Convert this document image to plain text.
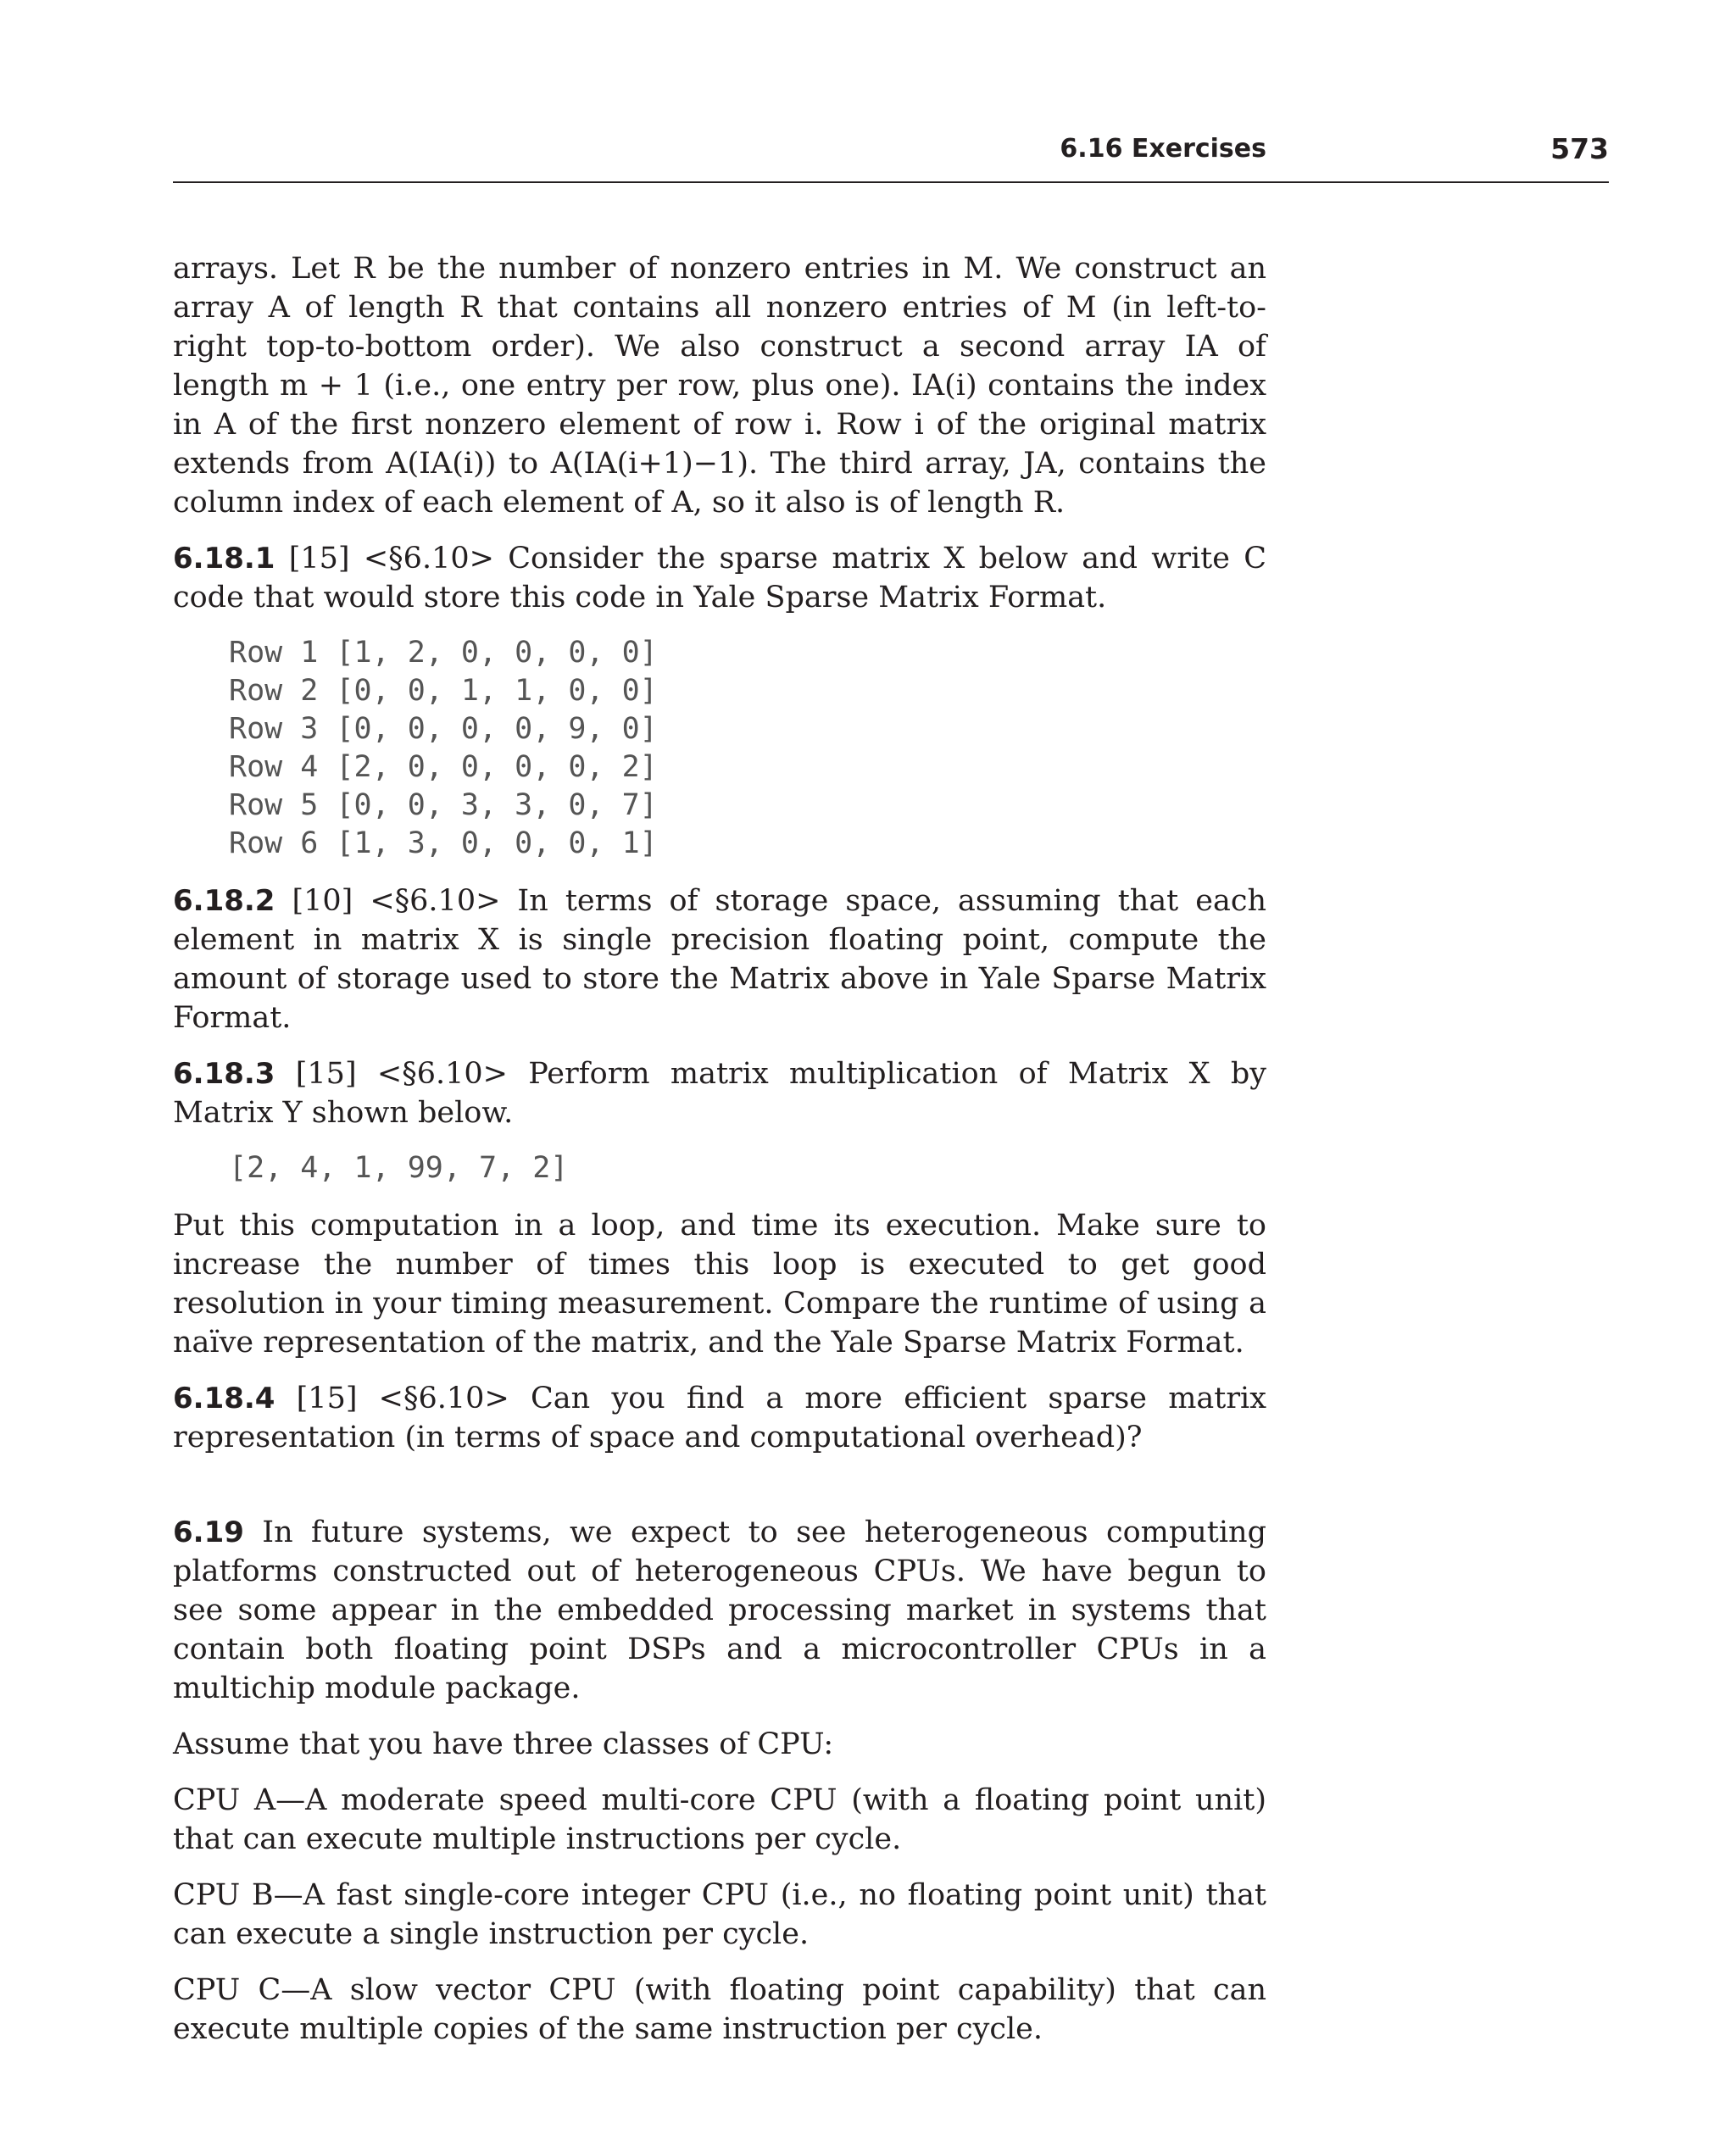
6.16 Exercises	573

arrays. Let R be the number of nonzero entries in M. We construct an array A of length R that contains all nonzero entries of M (in left-to-right top-to-bottom order). We also construct a second array IA of length m + 1 (i.e., one entry per row, plus one). IA(i) contains the index in A of the first nonzero element of row i. Row i of the original matrix extends from A(IA(i)) to A(IA(i+1)−1). The third array, JA, contains the column index of each element of A, so it also is of length R.

6.18.1 [15] <§6.10> Consider the sparse matrix X below and write C code that would store this code in Yale Sparse Matrix Format.

Row 1 [1, 2, 0, 0, 0, 0]
Row 2 [0, 0, 1, 1, 0, 0]
Row 3 [0, 0, 0, 0, 9, 0]
Row 4 [2, 0, 0, 0, 0, 2]
Row 5 [0, 0, 3, 3, 0, 7]
Row 6 [1, 3, 0, 0, 0, 1]

6.18.2 [10] <§6.10> In terms of storage space, assuming that each element in matrix X is single precision floating point, compute the amount of storage used to store the Matrix above in Yale Sparse Matrix Format.

6.18.3 [15] <§6.10> Perform matrix multiplication of Matrix X by Matrix Y shown below.

[2, 4, 1, 99, 7, 2]

Put this computation in a loop, and time its execution. Make sure to increase the number of times this loop is executed to get good resolution in your timing measurement. Compare the runtime of using a naïve representation of the matrix, and the Yale Sparse Matrix Format.

6.18.4 [15] <§6.10> Can you find a more efficient sparse matrix representation (in terms of space and computational overhead)?

6.19 In future systems, we expect to see heterogeneous computing platforms constructed out of heterogeneous CPUs. We have begun to see some appear in the embedded processing market in systems that contain both floating point DSPs and a microcontroller CPUs in a multichip module package.

Assume that you have three classes of CPU:

CPU A—A moderate speed multi-core CPU (with a floating point unit) that can execute multiple instructions per cycle.

CPU B—A fast single-core integer CPU (i.e., no floating point unit) that can execute a single instruction per cycle.

CPU C—A slow vector CPU (with floating point capability) that can execute multiple copies of the same instruction per cycle.
